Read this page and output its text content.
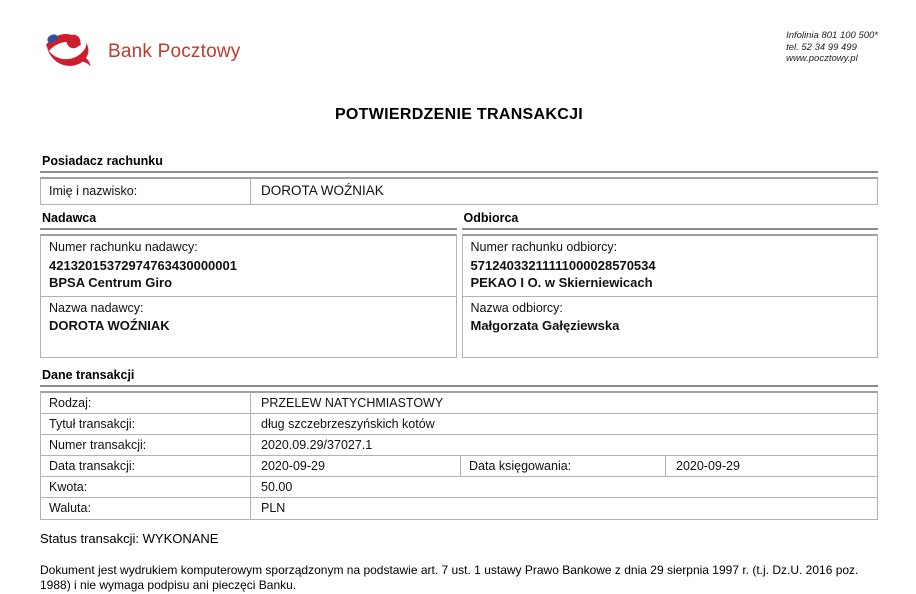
Bank Pocztowy
Infolinia 801 100 500*
tel. 52 34 99 499
www.pocztowy.pl
POTWIERDZENIE TRANSAKCJI
Posiadacz rachunku
Imię i nazwisko:	DOROTA WOŹNIAK
Nadawca
Numer rachunku nadawcy:
42132015372974763430000001
BPSA Centrum Giro
Nazwa nadawcy:
DOROTA WOŹNIAK
Odbiorca
Numer rachunku odbiorcy:
57124033211111000028570534
PEKAO I O. w Skierniewicach
Nazwa odbiorcy:
Małgorzata Gałęziewska
Dane transakcji
Rodzaj:	PRZELEW NATYCHMIASTOWY
Tytuł transakcji:	dług szczebrzeszyńskich kotów
Numer transakcji:	2020.09.29/37027.1
Data transakcji:	2020-09-29	Data księgowania:	2020-09-29
Kwota:	50.00
Waluta:	PLN
Status transakcji: WYKONANE
Dokument jest wydrukiem komputerowym sporządzonym na podstawie art. 7 ust. 1 ustawy Prawo Bankowe z dnia 29 sierpnia 1997 r. (t.j. Dz.U. 2016 poz. 1988) i nie wymaga podpisu ani pieczęci Banku.
